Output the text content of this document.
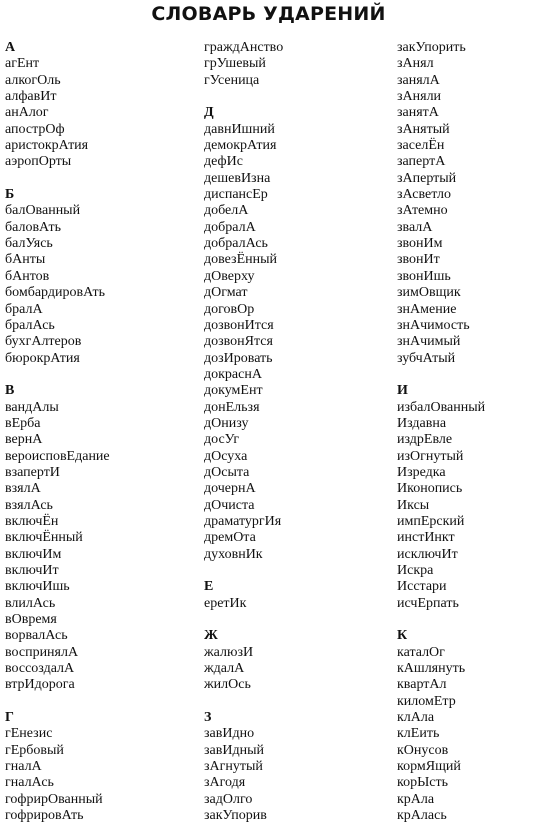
СЛОВАРЬ УДАРЕНИЙ
А
агЕнт
алкогОль
алфавИт
анАлог
апострОф
аристокрАтия
аэропОрты
Б
балОванный
баловАть
балУясь
бАнты
бАнтов
бомбардировАть
бралА
бралАсь
бухгАлтеров
бюрокрАтия
В
вандАлы
вЕрба
вернА
вероисповЕдание
взапертИ
взялА
взялАсь
включЁн
включЁнный
включИм
включИт
включИшь
влилАсь
вОвремя
ворвалАсь
воспринялА
воссоздалА
втрИдорога
Г
гЕнезис
гЕрбовый
гналА
гналАсь
гофрирОванный
гофрировАть
граждАнство
грУшевый
гУсеница
Д
давнИшний
демокрАтия
дефИс
дешевИзна
диспансЕр
добелА
добралА
добралАсь
довезЁнный
дОверху
дОгмат
договОр
дозвонИтся
дозвонЯтся
дозИровать
докраснА
докумЕнт
донЕльзя
дОнизу
досУг
дОсуха
дОсыта
дочернА
дОчиста
драматургИя
дремОта
духовнИк
Е
еретИк
Ж
жалюзИ
ждалА
жилОсь
З
завИдно
завИдный
зАгнутый
зАгодя
задОлго
закУпорив
закУпорить
зАнял
занялА
зАняли
занятА
зАнятый
заселЁн
запертА
зАпертый
зАсветло
зАтемно
звалА
звонИм
звонИт
звонИшь
зимОвщик
знАмение
знАчимость
знАчимый
зубчАтый
И
избалОванный
Издавна
издрЕвле
изОгнутый
Изредка
Иконопись
Иксы
импЕрский
инстИнкт
исключИт
Искра
Исстари
исчЕрпать
К
каталОг
кАшлянуть
квартАл
киломЕтр
клАла
клЕить
кОнусов
кормЯщий
корЫсть
крАла
крАлась
